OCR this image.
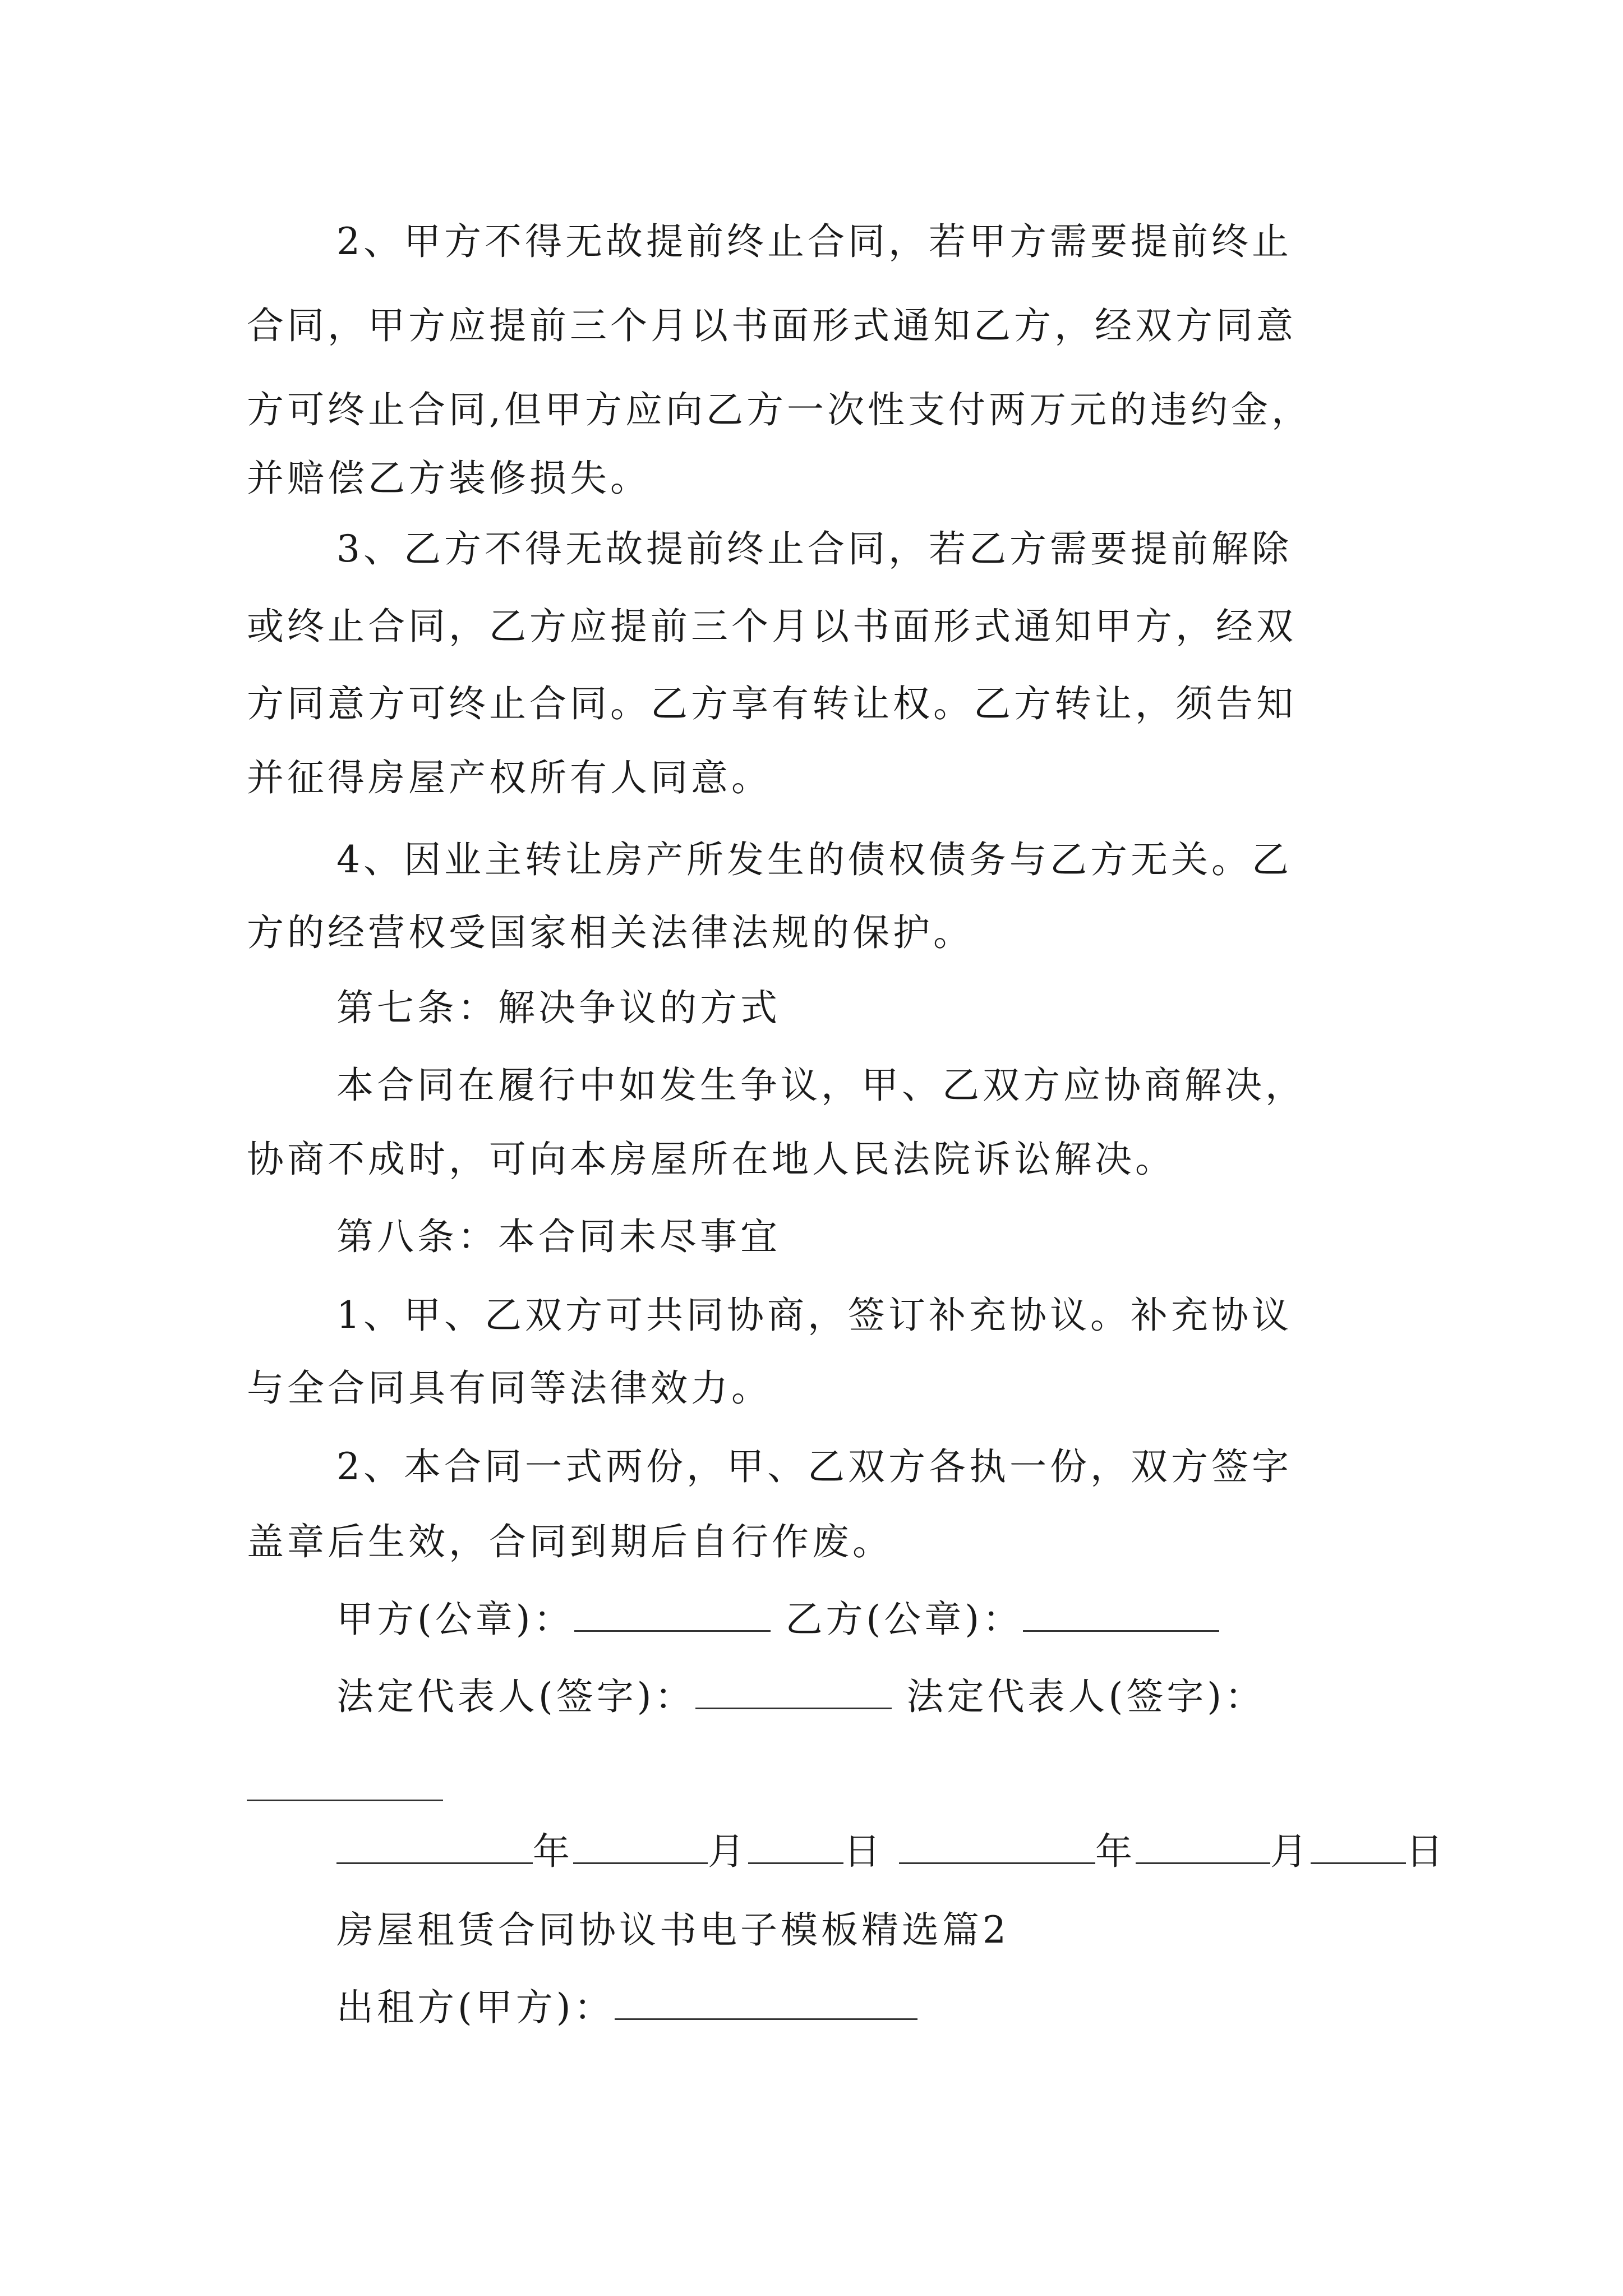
2、甲方不得无故提前终止合同，若甲方需要提前终止
合同，甲方应提前三个月以书面形式通知乙方，经双方同意
方可终止合同,但甲方应向乙方一次性支付两万元的违约金，
并赔偿乙方装修损失。
3、乙方不得无故提前终止合同，若乙方需要提前解除
或终止合同，乙方应提前三个月以书面形式通知甲方，经双
方同意方可终止合同。乙方享有转让权。乙方转让，须告知
并征得房屋产权所有人同意。
4、因业主转让房产所发生的债权债务与乙方无关。乙
方的经营权受国家相关法律法规的保护。
第七条：解决争议的方式
本合同在履行中如发生争议，甲、乙双方应协商解决，
协商不成时，可向本房屋所在地人民法院诉讼解决。
第八条：本合同未尽事宜
1、甲、乙双方可共同协商，签订补充协议。补充协议
与全合同具有同等法律效力。
2、本合同一式两份，甲、乙双方各执一份，双方签字
盖章后生效，合同到期后自行作废。
甲方(公章)：	乙方(公章)：
法定代表人(签字)：	法定代表人(签字)：
年	月	日	年	月	日
房屋租赁合同协议书电子模板精选篇2
出租方(甲方)：
